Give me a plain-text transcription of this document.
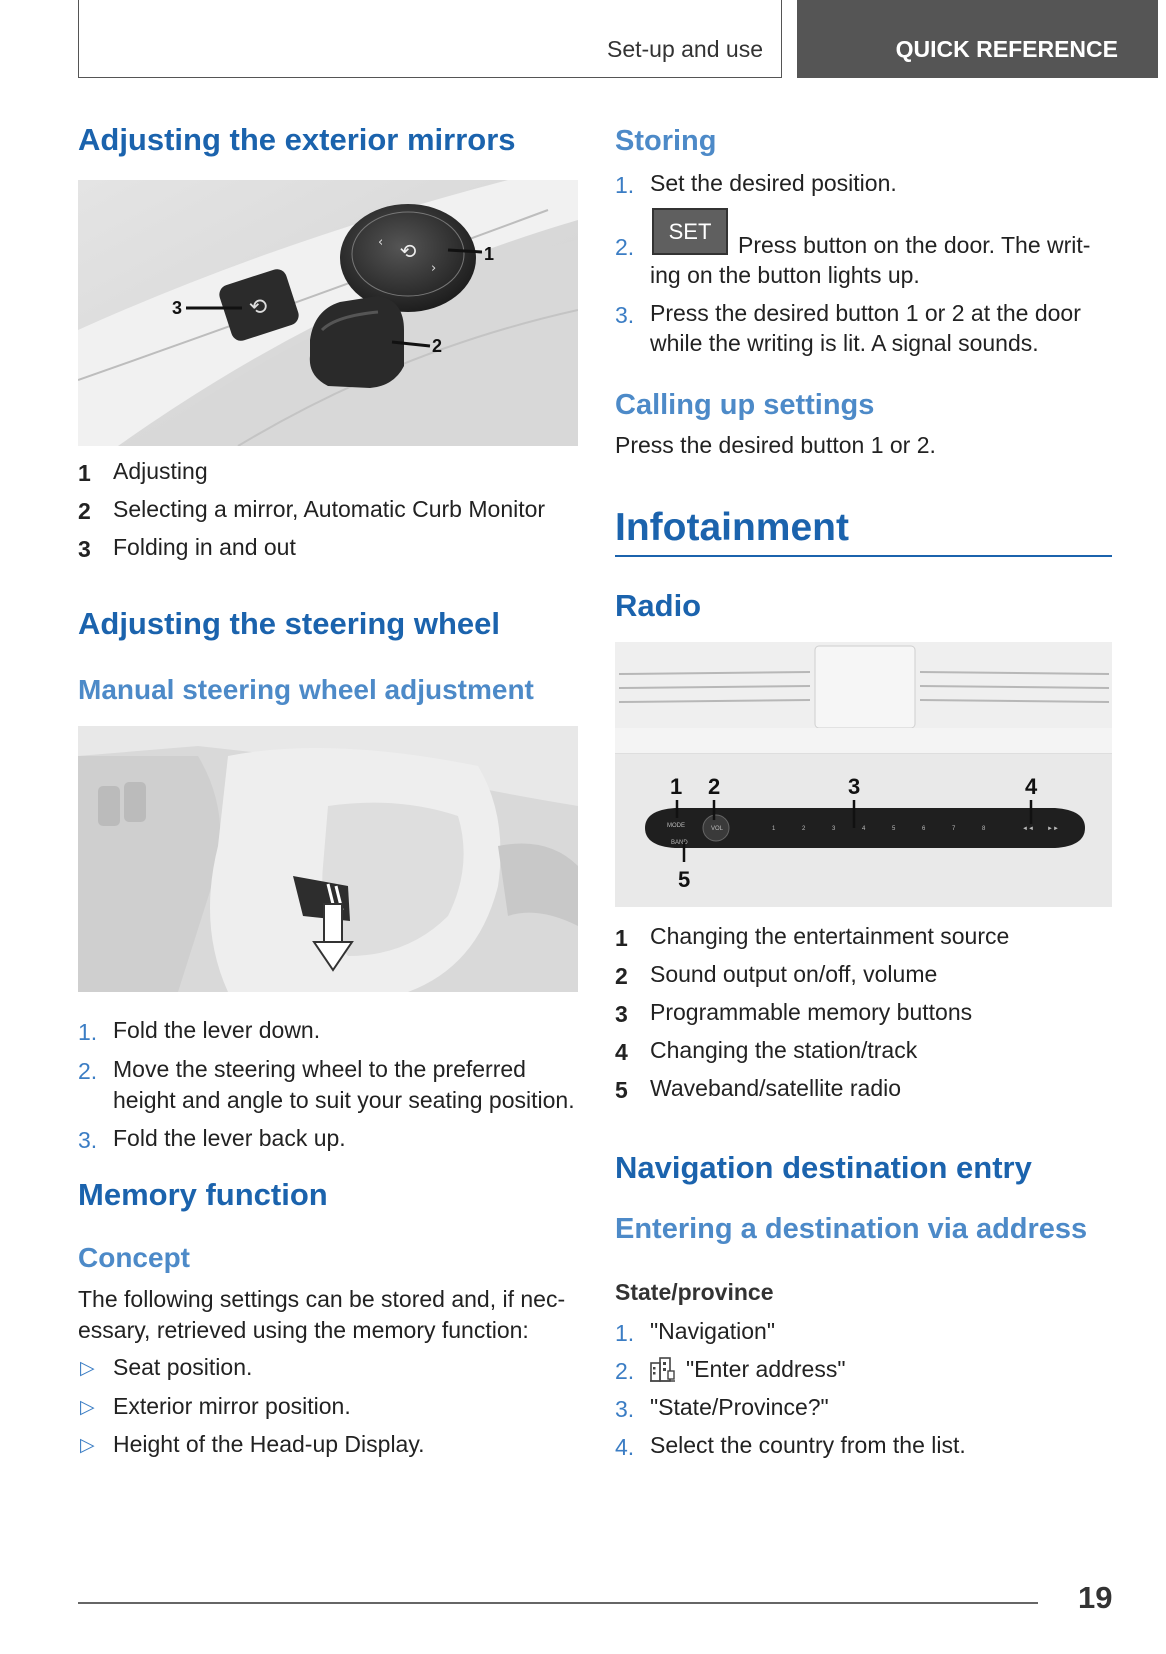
Set-up and use	QUICK REFERENCE
Adjusting the exterior mirrors
⟲
‹
›
⟲
1
2
3
1 Adjusting
2 Selecting a mirror, Automatic Curb Monitor
3 Folding in and out
Adjusting the steering wheel
Manual steering wheel adjustment
1. Fold the lever down.
2. Move the steering wheel to the preferred
height and angle to suit your seating position.
3. Fold the lever back up.
Memory function
Concept
The following settings can be stored and, if nec-
essary, retrieved using the memory function:
▷ Seat position.
▷ Exterior mirror position.
▷ Height of the Head-up Display.
Storing
1. Set the desired position.
2.
SET
Press button on the door. The writ-
ing on the button lights up.
3. Press the desired button 1 or 2 at the door
while the writing is lit. A signal sounds.
Calling up settings
Press the desired button 1 or 2.
Infotainment
Radio
MODE
BAND
VOL	1	2	3	4	5	6	7	8	◄◄ ►►
1 2	3	4
5
1 Changing the entertainment source
2 Sound output on/off, volume
3 Programmable memory buttons
4 Changing the station/track
5 Waveband/satellite radio
Navigation destination entry
Entering a destination via address
State/province
1. "Navigation"
2. "Enter address"
3. "State/Province?"
4. Select the country from the list.
19
